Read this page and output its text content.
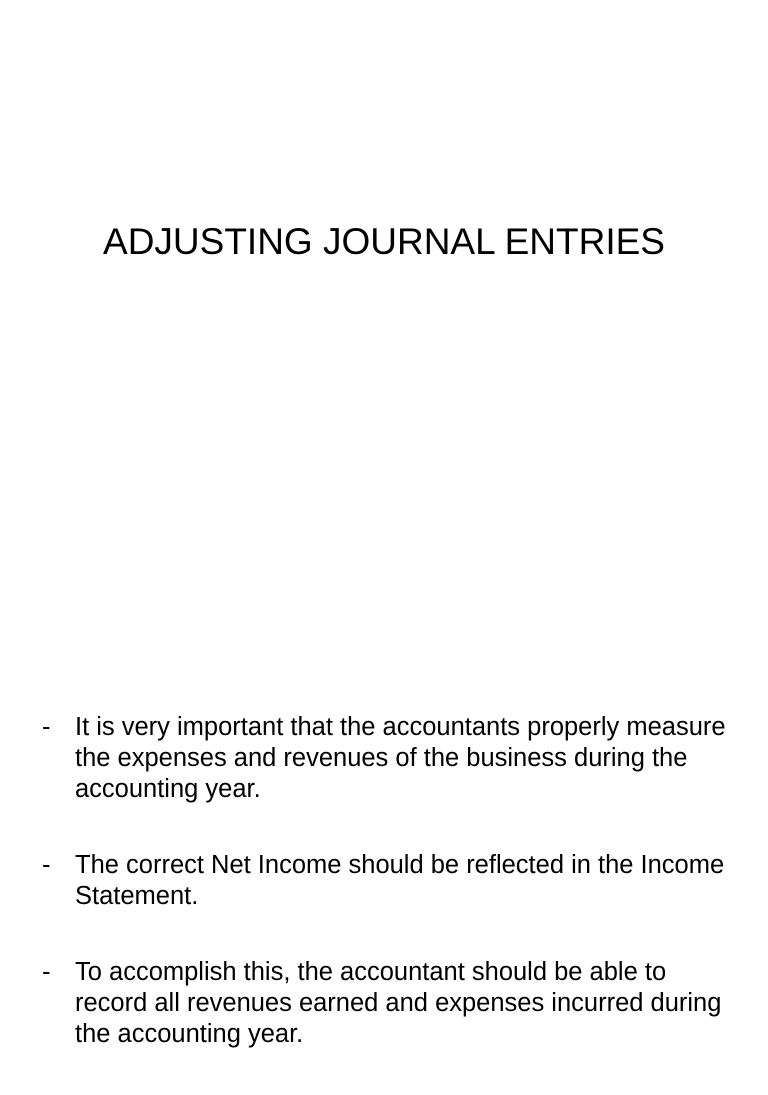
ADJUSTING JOURNAL ENTRIES
- It is very important that the accountants properly measure the expenses and revenues of the business during the accounting year.
- The correct Net Income should be reflected in the Income Statement.
- To accomplish this, the accountant should be able to record all revenues earned and expenses incurred during the accounting year.
